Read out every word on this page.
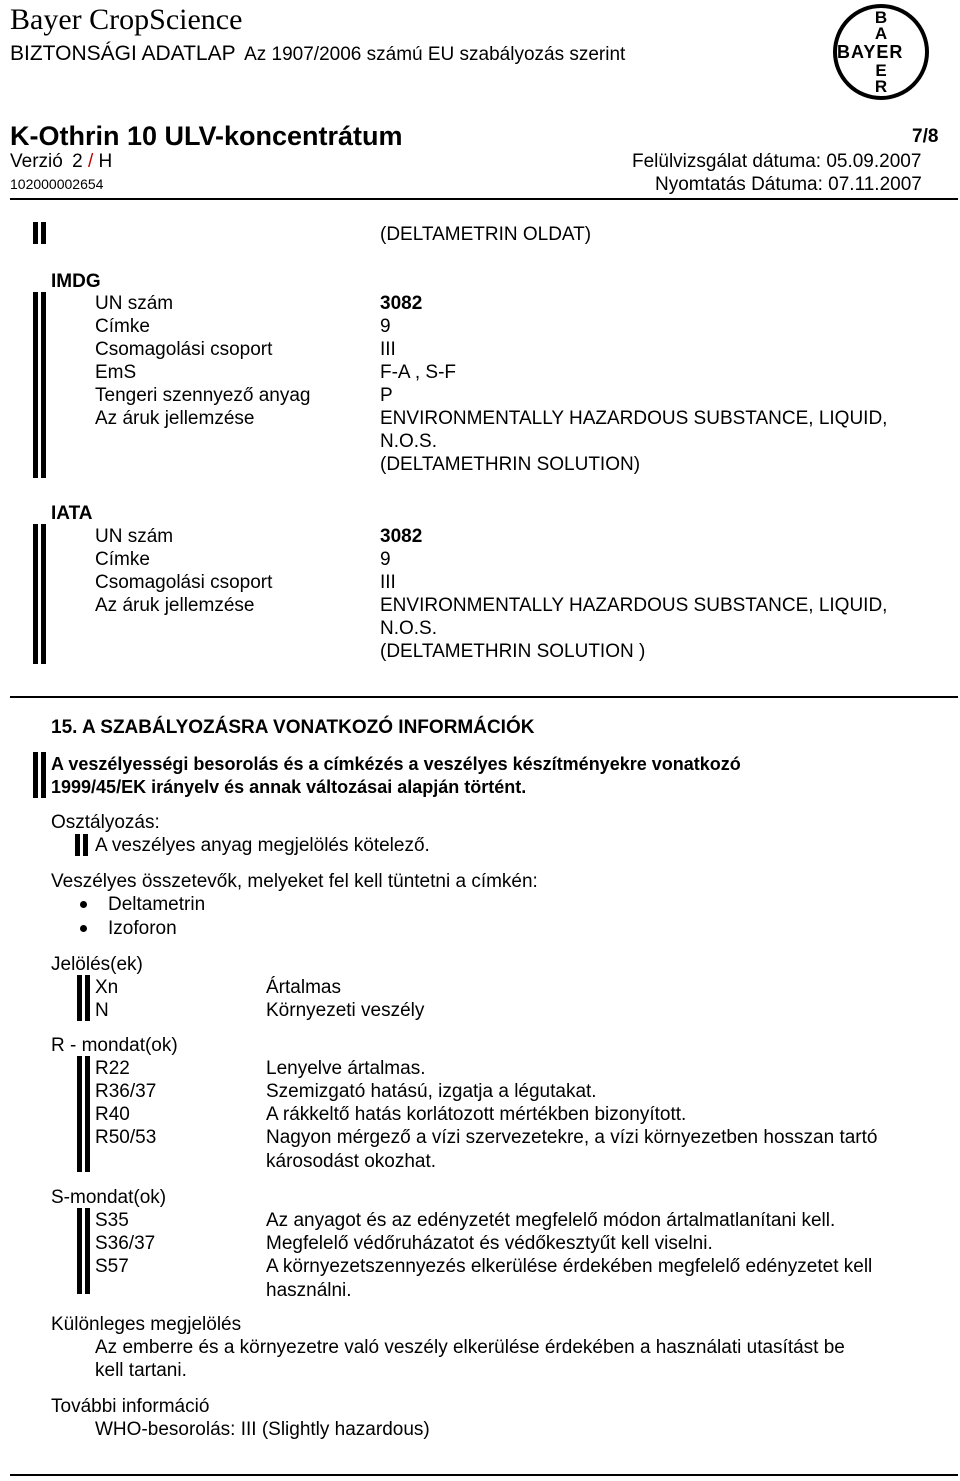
Bayer CropScience
BIZTONSÁGI ADATLAP Az 1907/2006 számú EU szabályozás szerint
B
A
BAYER
E
R
K-Othrin 10 ULV-koncentrátum	7/8
Verzió 2 / H	Felülvizsgálat dátuma: 05.09.2007
102000002654	Nyomtatás Dátuma: 07.11.2007
(DELTAMETRIN OLDAT)
IMDG
UN szám	3082
Címke	9
Csomagolási csoport	III
EmS	F-A , S-F
Tengeri szennyező anyag	P
Az áruk jellemzése	ENVIRONMENTALLY HAZARDOUS SUBSTANCE, LIQUID,
N.O.S.
(DELTAMETHRIN SOLUTION)
IATA
UN szám	3082
Címke	9
Csomagolási csoport	III
Az áruk jellemzése	ENVIRONMENTALLY HAZARDOUS SUBSTANCE, LIQUID,
N.O.S.
(DELTAMETHRIN SOLUTION )
15. A SZABÁLYOZÁSRA VONATKOZÓ INFORMÁCIÓK
A veszélyességi besorolás és a címkézés a veszélyes készítményekre vonatkozó
1999/45/EK irányelv és annak változásai alapján történt.
Osztályozás:
A veszélyes anyag megjelölés kötelező.
Veszélyes összetevők, melyeket fel kell tüntetni a címkén:
Deltametrin
Izoforon
Jelölés(ek)
Xn	Ártalmas
N	Környezeti veszély
R - mondat(ok)
R22	Lenyelve ártalmas.
R36/37	Szemizgató hatású, izgatja a légutakat.
R40	A rákkeltő hatás korlátozott mértékben bizonyított.
R50/53	Nagyon mérgező a vízi szervezetekre, a vízi környezetben hosszan tartó
károsodást okozhat.
S-mondat(ok)
S35	Az anyagot és az edényzetét megfelelő módon ártalmatlanítani kell.
S36/37	Megfelelő védőruházatot és védőkesztyűt kell viselni.
S57	A környezetszennyezés elkerülése érdekében megfelelő edényzetet kell
használni.
Különleges megjelölés
Az emberre és a környezetre való veszély elkerülése érdekében a használati utasítást be
kell tartani.
További információ
WHO-besorolás: III (Slightly hazardous)
